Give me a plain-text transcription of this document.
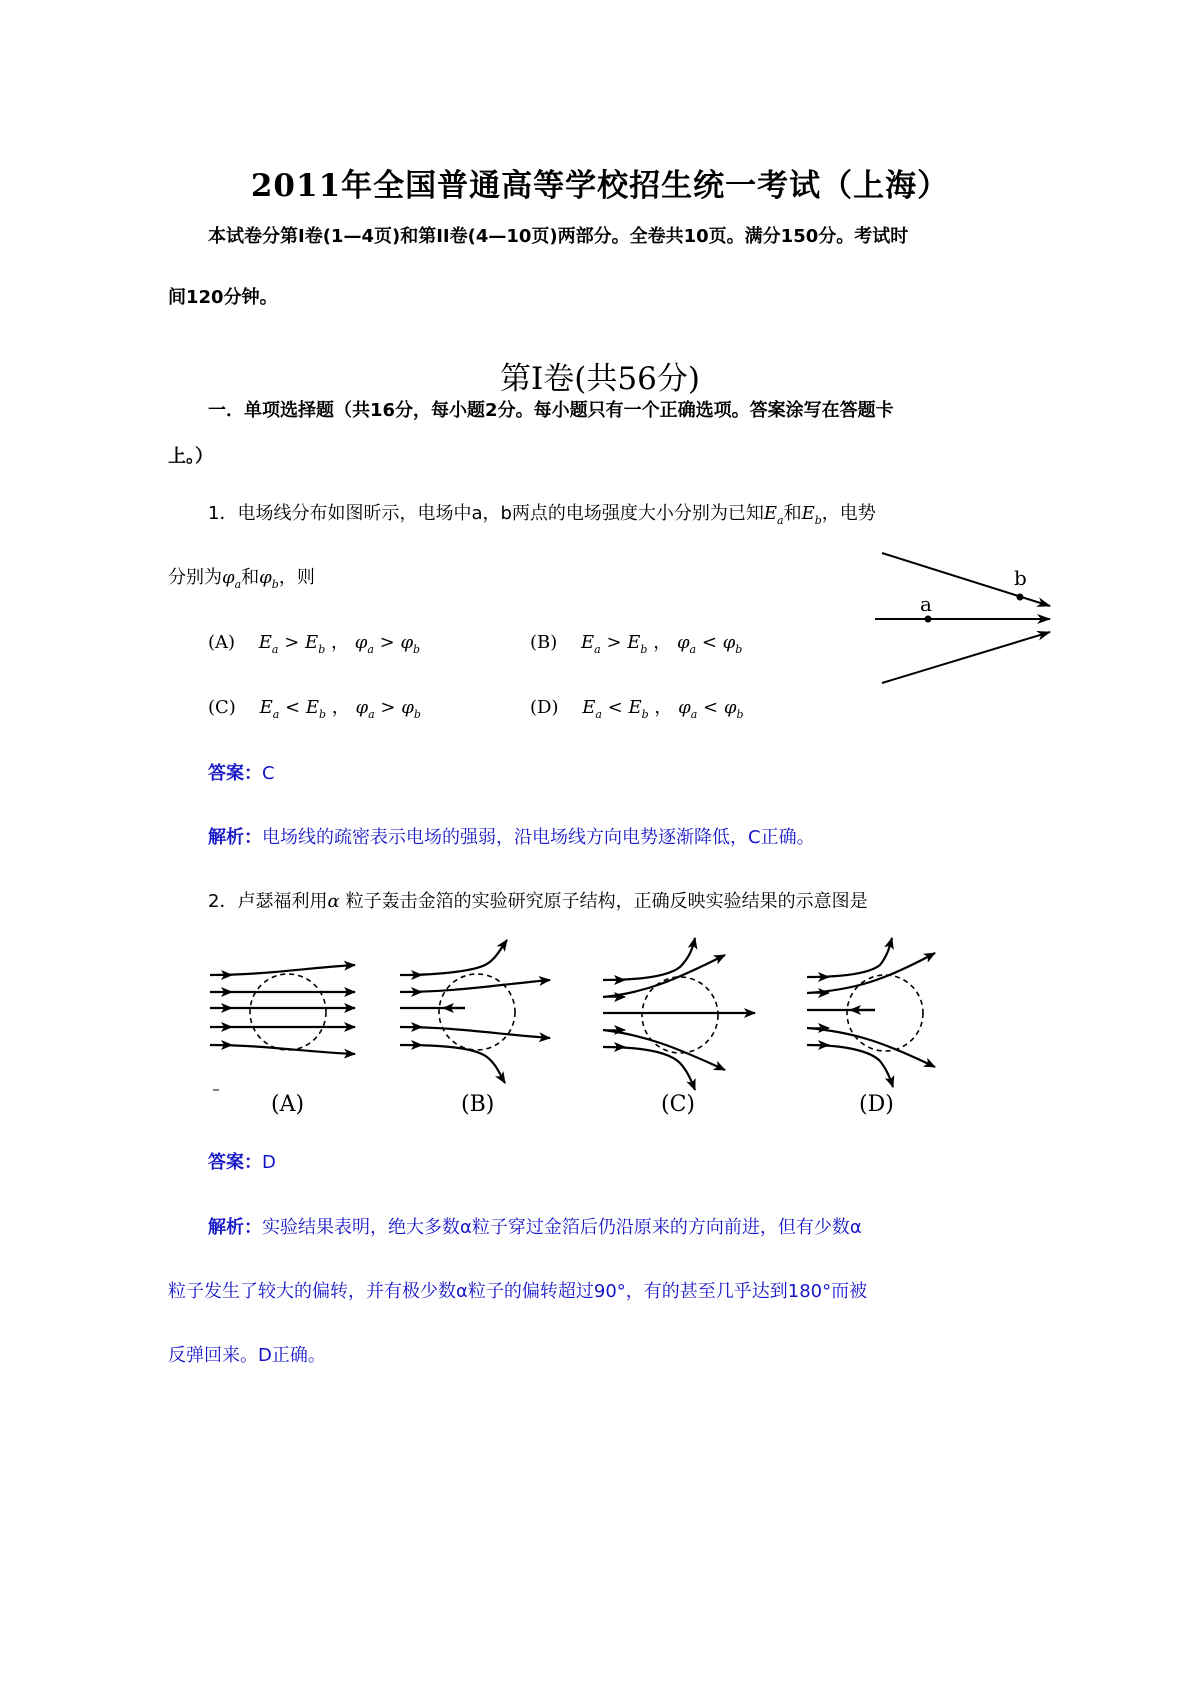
2011年全国普通高等学校招生统一考试（上海）
本试卷分第I卷(1—4页)和第II卷(4—10页)两部分。全卷共10页。满分150分。考试时
间120分钟。
第I卷(共56分)
一．单项选择题（共16分，每小题2分。每小题只有一个正确选项。答案涂写在答题卡
上。）
1．电场线分布如图昕示，电场中a，b两点的电场强度大小分别为已知$E_a$和$E_b$，电势
分别为$\varphi_a$和$\varphi_b$，则
(A) $E_a > E_b$ ， $\varphi_a > \varphi_b$	(B) $E_a > E_b$ ， $\varphi_a < \varphi_b$
(C) $E_a < E_b$ ， $\varphi_a > \varphi_b$	(D) $E_a < E_b$ ， $\varphi_a < \varphi_b$
a
b
答案：C
解析：电场线的疏密表示电场的强弱，沿电场线方向电势逐渐降低，C正确。
2．卢瑟福利用α 粒子轰击金箔的实验研究原子结构，正确反映实验结果的示意图是
(A)	(B)	(C)	(D)
答案：D
解析：实验结果表明，绝大多数α粒子穿过金箔后仍沿原来的方向前进，但有少数α
粒子发生了较大的偏转，并有极少数α粒子的偏转超过90°，有的甚至几乎达到180°而被
反弹回来。D正确。
